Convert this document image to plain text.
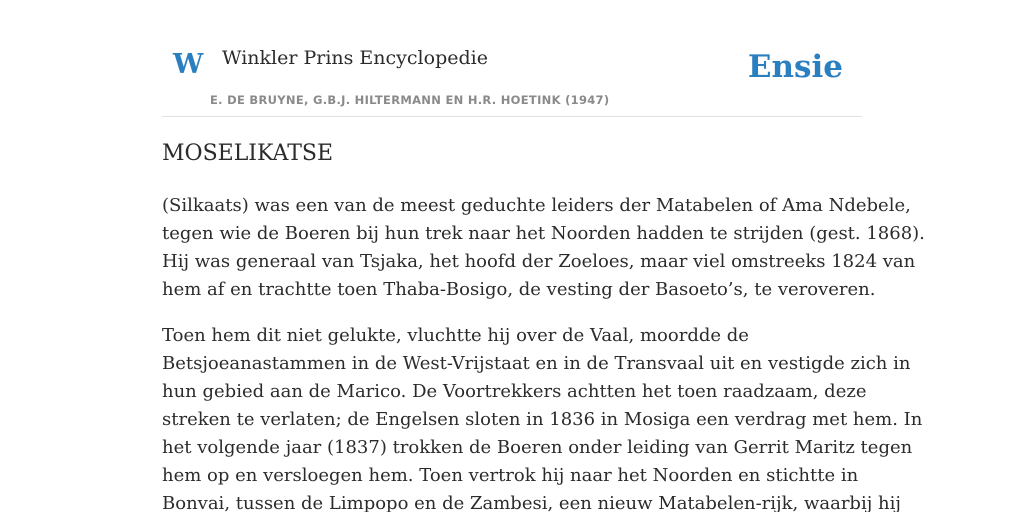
W Winkler Prins Encyclopedie
E. DE BRUYNE, G.B.J. HILTERMANN EN H.R. HOETINK (1947)
Ensie
MOSELIKATSE

(Silkaats) was een van de meest geduchte leiders der Matabelen of Ama Ndebele,
tegen wie de Boeren bij hun trek naar het Noorden hadden te strijden (gest. 1868).
Hij was generaal van Tsjaka, het hoofd der Zoeloes, maar viel omstreeks 1824 van
hem af en trachtte toen Thaba-Bosigo, de vesting der Basoeto’s, te veroveren.

Toen hem dit niet gelukte, vluchtte hij over de Vaal, moordde de
Betsjoeanastammen in de West-Vrijstaat en in de Transvaal uit en vestigde zich in
hun gebied aan de Marico. De Voortrekkers achtten het toen raadzaam, deze
streken te verlaten; de Engelsen sloten in 1836 in Mosiga een verdrag met hem. In
het volgende jaar (1837) trokken de Boeren onder leiding van Gerrit Maritz tegen
hem op en versloegen hem. Toen vertrok hij naar het Noorden en stichtte in
Bonvai, tussen de Limpopo en de Zambesi, een nieuw Matabelen-rijk, waarbij hij
